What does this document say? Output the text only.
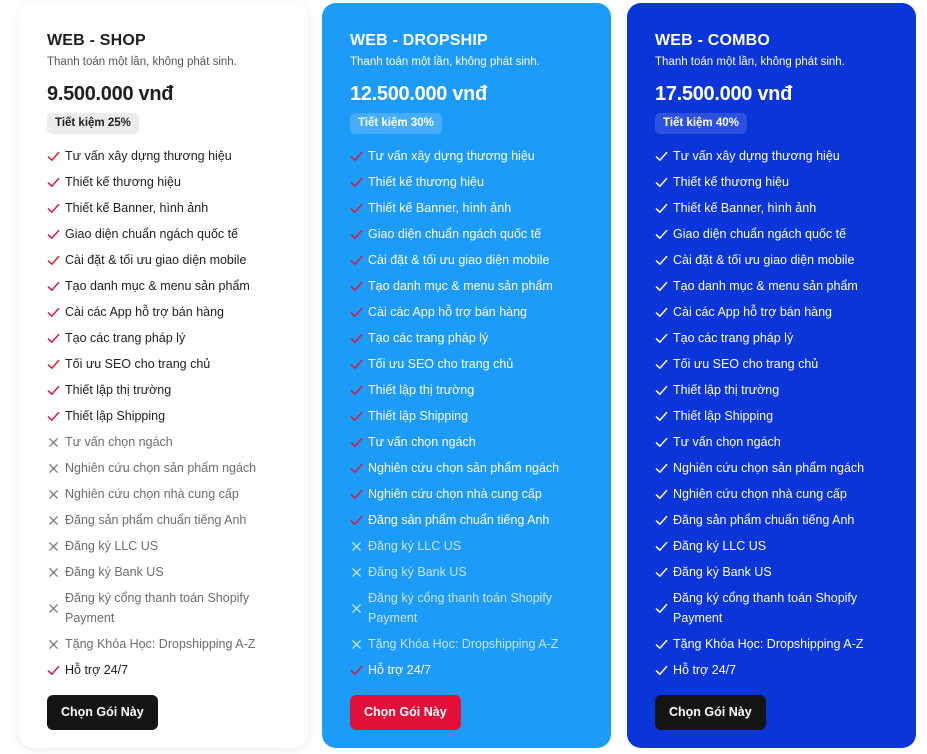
WEB - SHOP
Thanh toán một lần, không phát sinh.
9.500.000 vnđ
Tiết kiệm 25%
Tư vấn xây dựng thương hiệu
Thiết kế thương hiệu
Thiết kế Banner, hình ảnh
Giao diện chuẩn ngách quốc tế
Cài đặt & tối ưu giao diện mobile
Tạo danh mục & menu sản phẩm
Cài các App hỗ trợ bán hàng
Tạo các trang pháp lý
Tối ưu SEO cho trang chủ
Thiết lập thị trường
Thiết lập Shipping
Tư vấn chọn ngách
Nghiên cứu chọn sản phẩm ngách
Nghiên cứu chọn nhà cung cấp
Đăng sản phẩm chuẩn tiếng Anh
Đăng ký LLC US
Đăng ký Bank US
Đăng ký cổng thanh toán Shopify Payment
Tặng Khóa Học: Dropshipping A-Z
Hỗ trợ 24/7
Chọn Gói Này
WEB - DROPSHIP
Thanh toán một lần, không phát sinh.
12.500.000 vnđ
Tiết kiệm 30%
Tư vấn xây dựng thương hiệu
Thiết kế thương hiệu
Thiết kế Banner, hình ảnh
Giao diện chuẩn ngách quốc tế
Cài đặt & tối ưu giao diện mobile
Tạo danh mục & menu sản phẩm
Cài các App hỗ trợ bán hàng
Tạo các trang pháp lý
Tối ưu SEO cho trang chủ
Thiết lập thị trường
Thiết lập Shipping
Tư vấn chọn ngách
Nghiên cứu chọn sản phẩm ngách
Nghiên cứu chọn nhà cung cấp
Đăng sản phẩm chuẩn tiếng Anh
Đăng ký LLC US
Đăng ký Bank US
Đăng ký cổng thanh toán Shopify Payment
Tặng Khóa Học: Dropshipping A-Z
Hỗ trợ 24/7
Chọn Gói Này
WEB - COMBO
Thanh toán một lần, không phát sinh.
17.500.000 vnđ
Tiết kiệm 40%
Tư vấn xây dựng thương hiệu
Thiết kế thương hiệu
Thiết kế Banner, hình ảnh
Giao diện chuẩn ngách quốc tế
Cài đặt & tối ưu giao diện mobile
Tạo danh mục & menu sản phẩm
Cài các App hỗ trợ bán hàng
Tạo các trang pháp lý
Tối ưu SEO cho trang chủ
Thiết lập thị trường
Thiết lập Shipping
Tư vấn chọn ngách
Nghiên cứu chọn sản phẩm ngách
Nghiên cứu chọn nhà cung cấp
Đăng sản phẩm chuẩn tiếng Anh
Đăng ký LLC US
Đăng ký Bank US
Đăng ký cổng thanh toán Shopify Payment
Tặng Khóa Học: Dropshipping A-Z
Hỗ trợ 24/7
Chọn Gói Này
